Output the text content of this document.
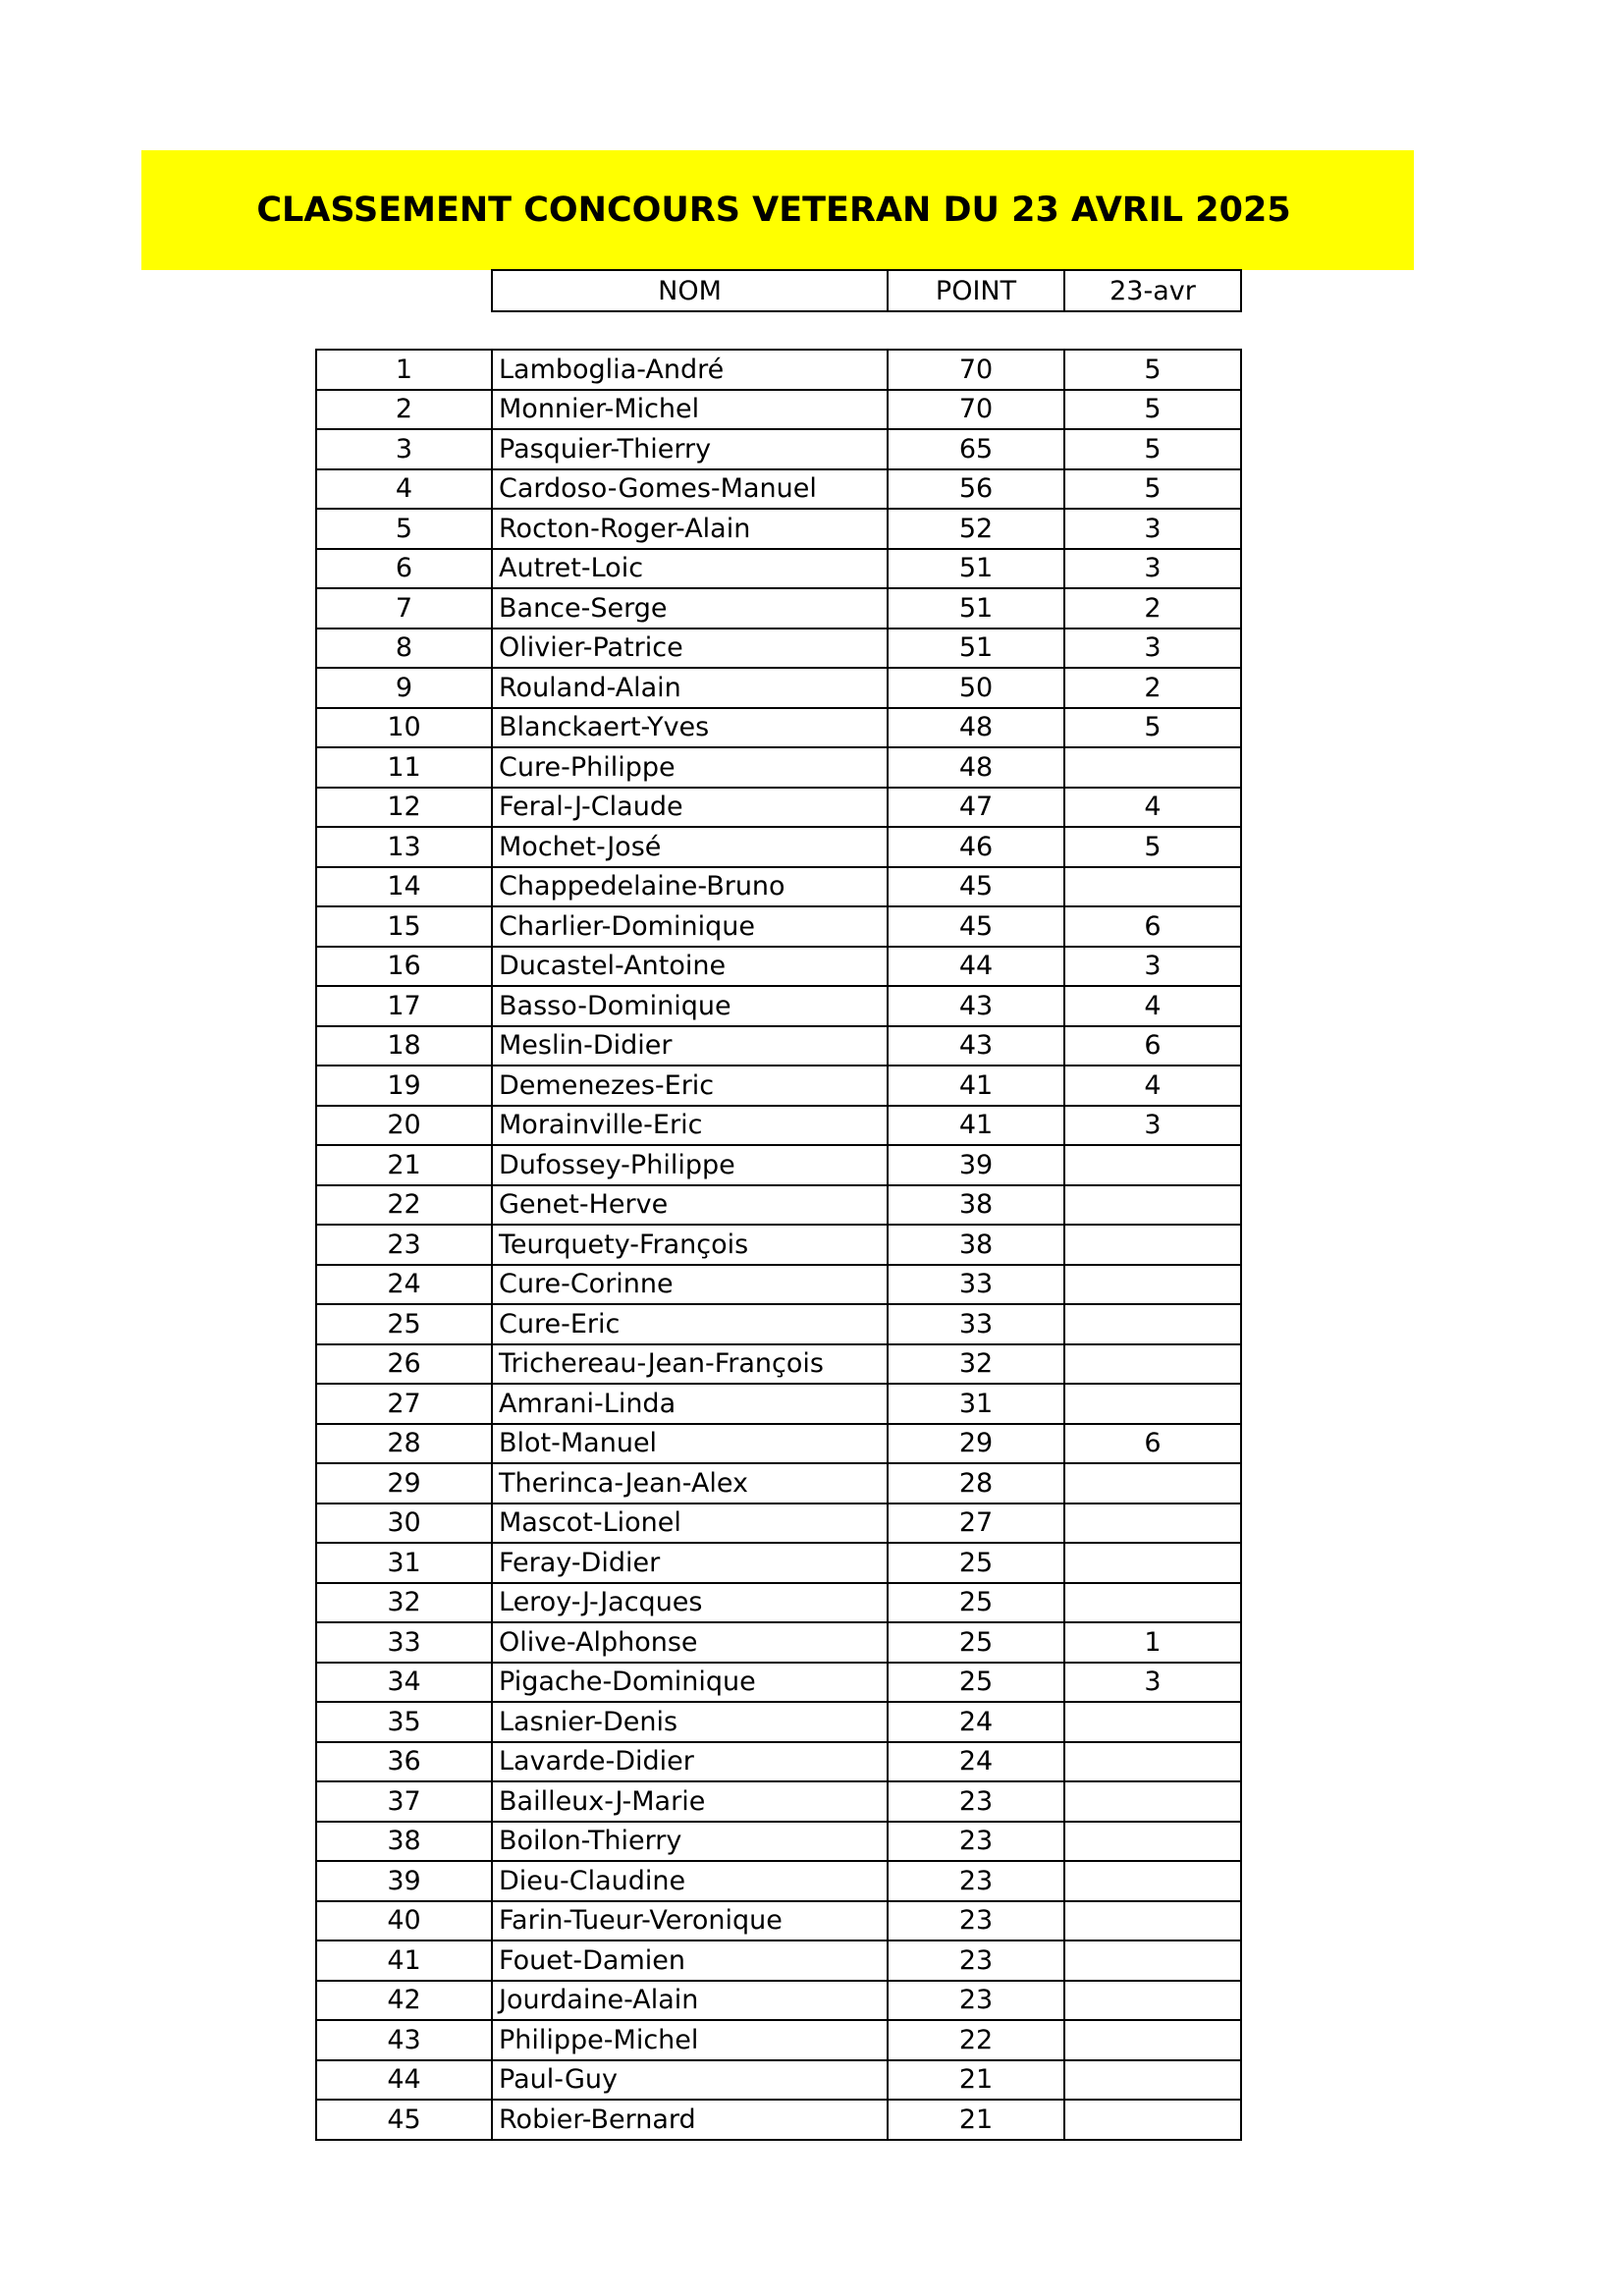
CLASSEMENT CONCOURS VETERAN DU 23 AVRIL 2025
NOM	POINT	23-avr
1	Lamboglia-André	70	5
2	Monnier-Michel	70	5
3	Pasquier-Thierry	65	5
4	Cardoso-Gomes-Manuel	56	5
5	Rocton-Roger-Alain	52	3
6	Autret-Loic	51	3
7	Bance-Serge	51	2
8	Olivier-Patrice	51	3
9	Rouland-Alain	50	2
10	Blanckaert-Yves	48	5
11	Cure-Philippe	48	
12	Feral-J-Claude	47	4
13	Mochet-José	46	5
14	Chappedelaine-Bruno	45	
15	Charlier-Dominique	45	6
16	Ducastel-Antoine	44	3
17	Basso-Dominique	43	4
18	Meslin-Didier	43	6
19	Demenezes-Eric	41	4
20	Morainville-Eric	41	3
21	Dufossey-Philippe	39	
22	Genet-Herve	38	
23	Teurquety-François	38	
24	Cure-Corinne	33	
25	Cure-Eric	33	
26	Trichereau-Jean-François	32	
27	Amrani-Linda	31	
28	Blot-Manuel	29	6
29	Therinca-Jean-Alex	28	
30	Mascot-Lionel	27	
31	Feray-Didier	25	
32	Leroy-J-Jacques	25	
33	Olive-Alphonse	25	1
34	Pigache-Dominique	25	3
35	Lasnier-Denis	24	
36	Lavarde-Didier	24	
37	Bailleux-J-Marie	23	
38	Boilon-Thierry	23	
39	Dieu-Claudine	23	
40	Farin-Tueur-Veronique	23	
41	Fouet-Damien	23	
42	Jourdaine-Alain	23	
43	Philippe-Michel	22	
44	Paul-Guy	21	
45	Robier-Bernard	21	
